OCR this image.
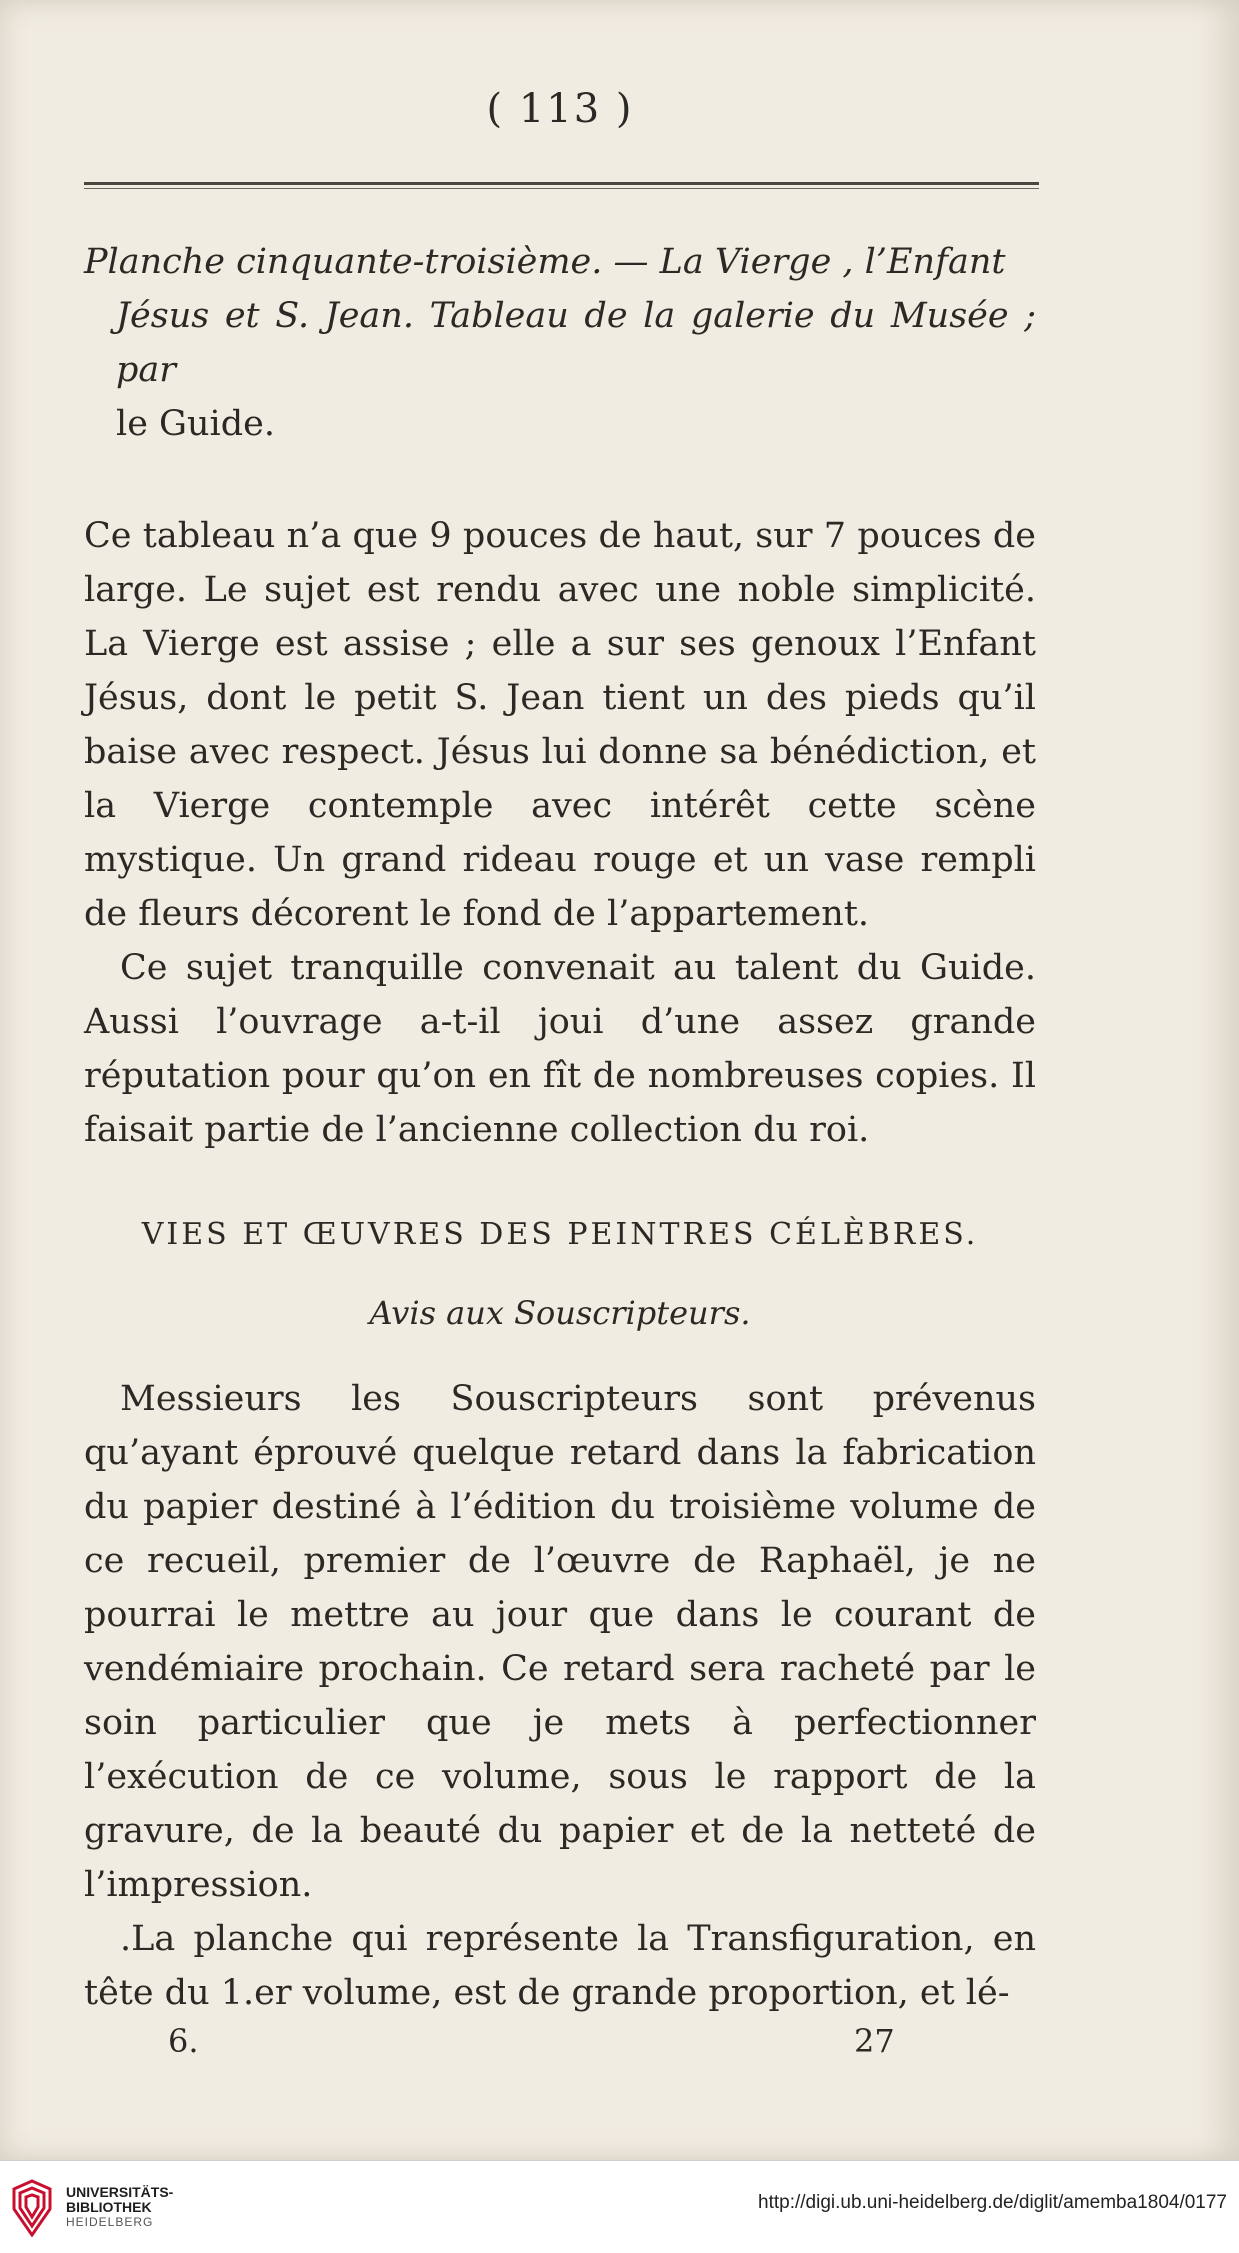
( 113 )
Planche cinquante-troisième. — La Vierge , l’Enfant
Jésus et S. Jean. Tableau de la galerie du Musée ; par
le Guide.

Ce tableau n’a que 9 pouces de haut, sur 7 pouces de large. Le sujet est rendu avec une noble simplicité. La Vierge est assise ; elle a sur ses genoux l’Enfant Jésus, dont le petit S. Jean tient un des pieds qu’il baise avec respect. Jésus lui donne sa bénédiction, et la Vierge contemple avec intérêt cette scène mystique. Un grand rideau rouge et un vase rempli de fleurs décorent le fond de l’appartement.

Ce sujet tranquille convenait au talent du Guide. Aussi l’ouvrage a-t-il joui d’une assez grande réputation pour qu’on en fît de nombreuses copies. Il faisait partie de l’ancienne collection du roi.

VIES ET ŒUVRES DES PEINTRES CÉLÈBRES.
Avis aux Souscripteurs.

Messieurs les Souscripteurs sont prévenus qu’ayant éprouvé quelque retard dans la fabrication du papier destiné à l’édition du troisième volume de ce recueil, premier de l’œuvre de Raphaël, je ne pourrai le mettre au jour que dans le courant de vendémiaire prochain. Ce retard sera racheté par le soin particulier que je mets à perfectionner l’exécution de ce volume, sous le rapport de la gravure, de la beauté du papier et de la netteté de l’impression.

.La planche qui représente la Transfiguration, en tête du 1.er volume, est de grande proportion, et lé-

6.	27
UNIVERSITÄTS-
BIBLIOTHEK
HEIDELBERG
http://digi.ub.uni-heidelberg.de/diglit/amemba1804/0177
